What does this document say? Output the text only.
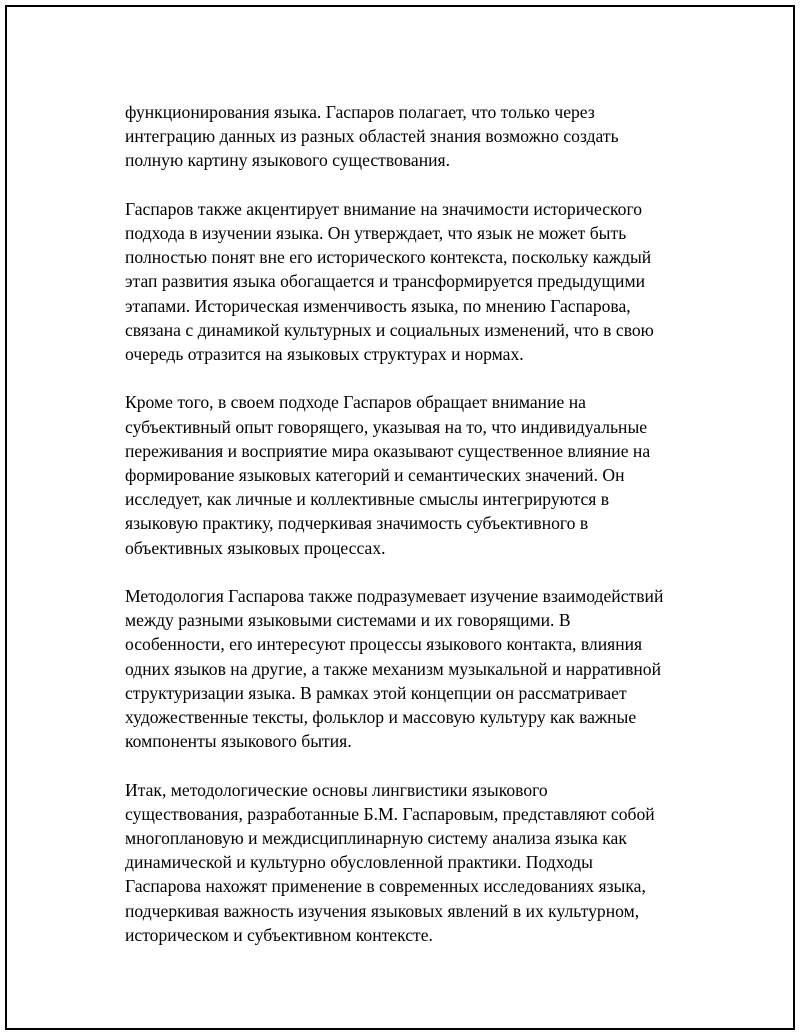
функционирования языка. Гаспаров полагает, что только через
интеграцию данных из разных областей знания возможно создать
полную картину языкового существования.

Гаспаров также акцентирует внимание на значимости исторического
подхода в изучении языка. Он утверждает, что язык не может быть
полностью понят вне его исторического контекста, поскольку каждый
этап развития языка обогащается и трансформируется предыдущими
этапами. Историческая изменчивость языка, по мнению Гаспарова,
связана с динамикой культурных и социальных изменений, что в свою
очередь отразится на языковых структурах и нормах.

Кроме того, в своем подходе Гаспаров обращает внимание на
субъективный опыт говорящего, указывая на то, что индивидуальные
переживания и восприятие мира оказывают существенное влияние на
формирование языковых категорий и семантических значений. Он
исследует, как личные и коллективные смыслы интегрируются в
языковую практику, подчеркивая значимость субъективного в
объективных языковых процессах.

Методология Гаспарова также подразумевает изучение взаимодействий
между разными языковыми системами и их говорящими. В
особенности, его интересуют процессы языкового контакта, влияния
одних языков на другие, а также механизм музыкальной и нарративной
структуризации языка. В рамках этой концепции он рассматривает
художественные тексты, фольклор и массовую культуру как важные
компоненты языкового бытия.

Итак, методологические основы лингвистики языкового
существования, разработанные Б.М. Гаспаровым, представляют собой
многоплановую и междисциплинарную систему анализа языка как
динамической и культурно обусловленной практики. Подходы
Гаспарова нахожят применение в современных исследованиях языка,
подчеркивая важность изучения языковых явлений в их культурном,
историческом и субъективном контексте.
